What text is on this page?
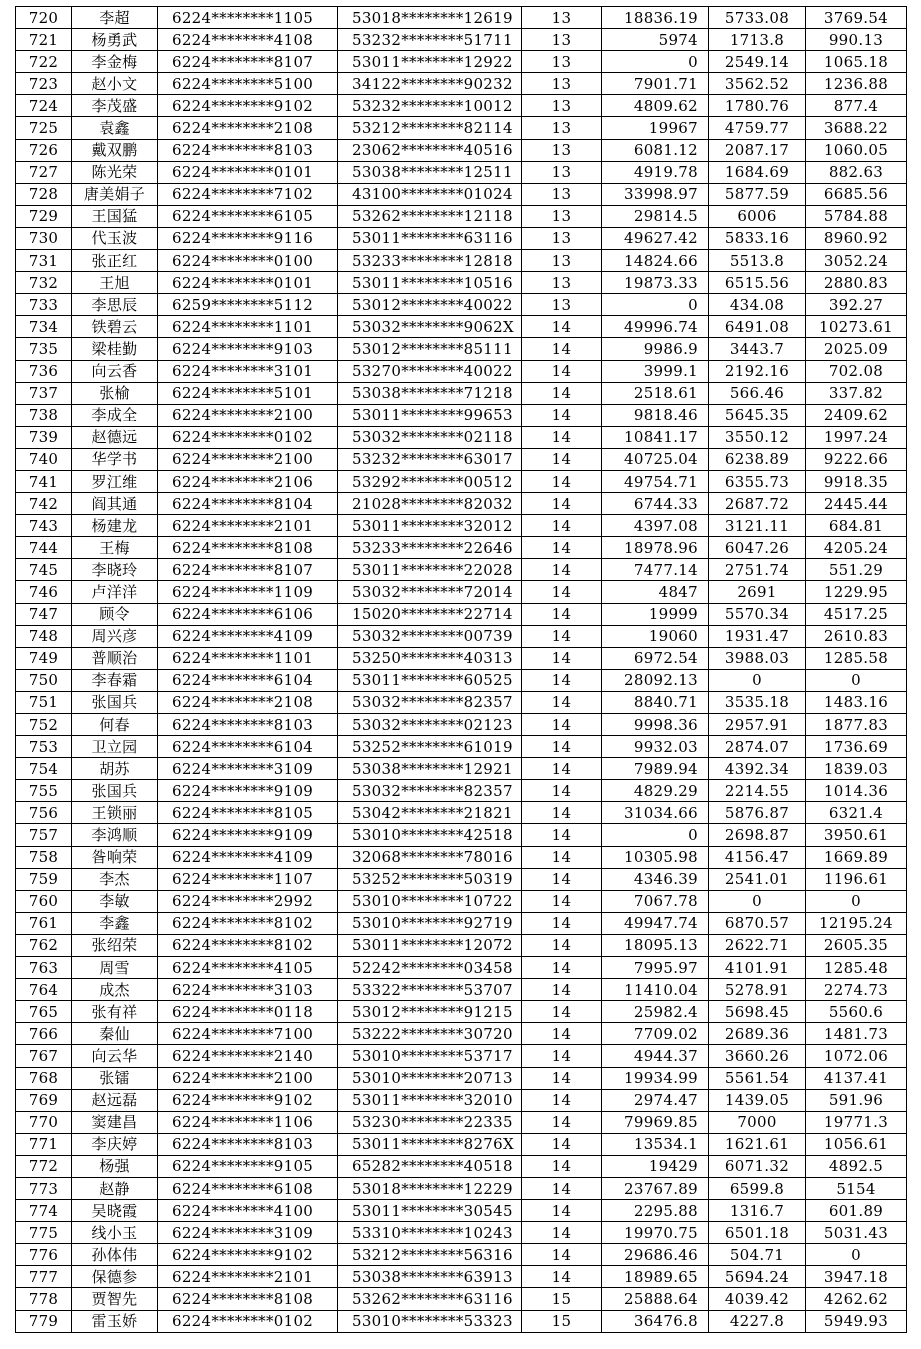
720	李超	6224********1105	53018********12619	13	18836.19	5733.08	3769.54
721	杨勇武	6224********4108	53232********51711	13	5974	1713.8	990.13
722	李金梅	6224********8107	53011********12922	13	0	2549.14	1065.18
723	赵小文	6224********5100	34122********90232	13	7901.71	3562.52	1236.88
724	李茂盛	6224********9102	53232********10012	13	4809.62	1780.76	877.4
725	袁鑫	6224********2108	53212********82114	13	19967	4759.77	3688.22
726	戴双鹏	6224********8103	23062********40516	13	6081.12	2087.17	1060.05
727	陈光荣	6224********0101	53038********12511	13	4919.78	1684.69	882.63
728	唐美娟子	6224********7102	43100********01024	13	33998.97	5877.59	6685.56
729	王国猛	6224********6105	53262********12118	13	29814.5	6006	5784.88
730	代玉波	6224********9116	53011********63116	13	49627.42	5833.16	8960.92
731	张正红	6224********0100	53233********12818	13	14824.66	5513.8	3052.24
732	王旭	6224********0101	53011********10516	13	19873.33	6515.56	2880.83
733	李思辰	6259********5112	53012********40022	13	0	434.08	392.27
734	铁碧云	6224********1101	53032********9062X	14	49996.74	6491.08	10273.61
735	梁桂勤	6224********9103	53012********85111	14	9986.9	3443.7	2025.09
736	向云香	6224********3101	53270********40022	14	3999.1	2192.16	702.08
737	张榆	6224********5101	53038********71218	14	2518.61	566.46	337.82
738	李成全	6224********2100	53011********99653	14	9818.46	5645.35	2409.62
739	赵德远	6224********0102	53032********02118	14	10841.17	3550.12	1997.24
740	华学书	6224********2100	53232********63017	14	40725.04	6238.89	9222.66
741	罗江维	6224********2106	53292********00512	14	49754.71	6355.73	9918.35
742	阎其通	6224********8104	21028********82032	14	6744.33	2687.72	2445.44
743	杨建龙	6224********2101	53011********32012	14	4397.08	3121.11	684.81
744	王梅	6224********8108	53233********22646	14	18978.96	6047.26	4205.24
745	李晓玲	6224********8107	53011********22028	14	7477.14	2751.74	551.29
746	卢洋洋	6224********1109	53032********72014	14	4847	2691	1229.95
747	顾令	6224********6106	15020********22714	14	19999	5570.34	4517.25
748	周兴彦	6224********4109	53032********00739	14	19060	1931.47	2610.83
749	普顺治	6224********1101	53250********40313	14	6972.54	3988.03	1285.58
750	李春霜	6224********6104	53011********60525	14	28092.13	0	0
751	张国兵	6224********2108	53032********82357	14	8840.71	3535.18	1483.16
752	何春	6224********8103	53032********02123	14	9998.36	2957.91	1877.83
753	卫立园	6224********6104	53252********61019	14	9932.03	2874.07	1736.69
754	胡苏	6224********3109	53038********12921	14	7989.94	4392.34	1839.03
755	张国兵	6224********9109	53032********82357	14	4829.29	2214.55	1014.36
756	王锁丽	6224********8105	53042********21821	14	31034.66	5876.87	6321.4
757	李鸿顺	6224********9109	53010********42518	14	0	2698.87	3950.61
758	昝响荣	6224********4109	32068********78016	14	10305.98	4156.47	1669.89
759	李杰	6224********1107	53252********50319	14	4346.39	2541.01	1196.61
760	李敏	6224********2992	53010********10722	14	7067.78	0	0
761	李鑫	6224********8102	53010********92719	14	49947.74	6870.57	12195.24
762	张绍荣	6224********8102	53011********12072	14	18095.13	2622.71	2605.35
763	周雪	6224********4105	52242********03458	14	7995.97	4101.91	1285.48
764	成杰	6224********3103	53322********53707	14	11410.04	5278.91	2274.73
765	张有祥	6224********0118	53012********91215	14	25982.4	5698.45	5560.6
766	秦仙	6224********7100	53222********30720	14	7709.02	2689.36	1481.73
767	向云华	6224********2140	53010********53717	14	4944.37	3660.26	1072.06
768	张镭	6224********2100	53010********20713	14	19934.99	5561.54	4137.41
769	赵远磊	6224********9102	53011********32010	14	2974.47	1439.05	591.96
770	窦建昌	6224********1106	53230********22335	14	79969.85	7000	19771.3
771	李庆婷	6224********8103	53011********8276X	14	13534.1	1621.61	1056.61
772	杨强	6224********9105	65282********40518	14	19429	6071.32	4892.5
773	赵静	6224********6108	53018********12229	14	23767.89	6599.8	5154
774	吴晓霞	6224********4100	53011********30545	14	2295.88	1316.7	601.89
775	线小玉	6224********3109	53310********10243	14	19970.75	6501.18	5031.43
776	孙体伟	6224********9102	53212********56316	14	29686.46	504.71	0
777	保德参	6224********2101	53038********63913	14	18989.65	5694.24	3947.18
778	贾智先	6224********8108	53262********63116	15	25888.64	4039.42	4262.62
779	雷玉娇	6224********0102	53010********53323	15	36476.8	4227.8	5949.93
